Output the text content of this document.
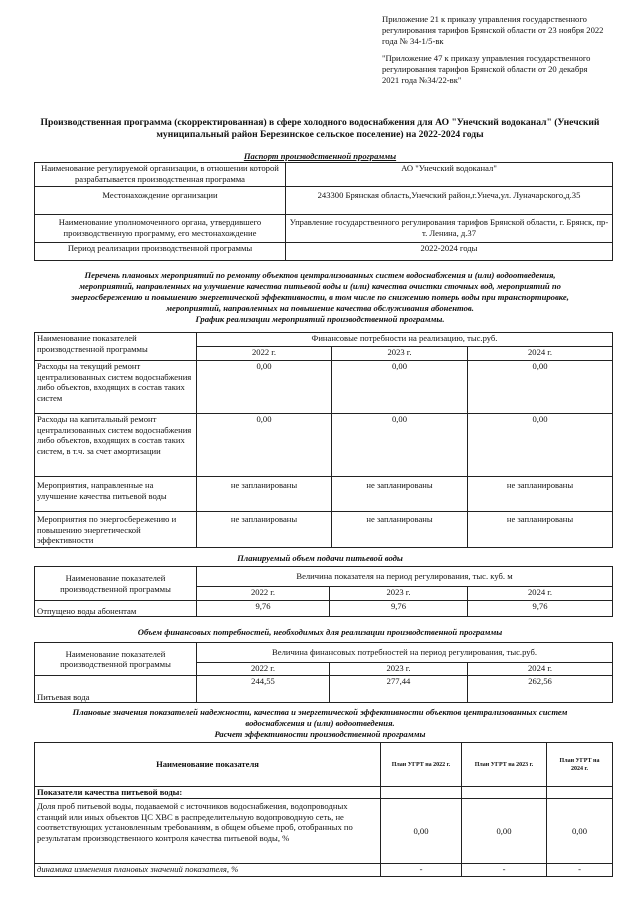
Приложение 21 к приказу управления государственного
регулирования тарифов Брянской области от 23 ноября 2022
года № 34-1/5-вк
"Приложение 47 к приказу управления государственного
регулирования тарифов Брянской области от 20 декабря
2021 года №34/22-вк"
Производственная программа (скорректированная) в сфере холодного водоснабжения для АО "Унечский водоканал" (Унечский
муниципальный район Березинское сельское поселение) на 2022-2024 годы
Паспорт производственной программы
Наименование регулируемой организации, в отношении которой разрабатывается производственная программа	АО "Унечский водоканал"
Местонахождение организации	243300 Брянская область,Унечский район,г.Унеча,ул. Луначарского,д.35
Наименование уполномоченного органа, утвердившего производственную программу, его местонахождение	Управление государственного регулирования тарифов Брянской области, г. Брянск, пр-т. Ленина, д.37
Период реализации производственной программы	2022-2024 годы
Перечень плановых мероприятий по ремонту объектов централизованных систем водоснабжения и (или) водоотведения,
мероприятий, направленных на улучшение качества питьевой воды и (или) качества очистки сточных вод, мероприятий по
энергосбережению и повышению энергетической эффективности, в том числе по снижению потерь воды при транспортировке,
мероприятий, направленных на повышение качества обслуживания абонентов.
График реализации мероприятий производственной программы.
Наименование показателей производственной программы	Финансовые потребности на реализацию, тыс.руб.		
	2022 г.	2023 г.	2024 г.
Расходы на текущий ремонт централизованных систем водоснабжения либо объектов, входящих в состав таких систем	0,00	0,00	0,00
Расходы на капитальный ремонт централизованных систем водоснабжения либо объектов, входящих в состав таких систем, в т.ч. за счет амортизации	0,00	0,00	0,00
Мероприятия, направленные на улучшение качества питьевой воды	не запланированы	не запланированы	не запланированы
Мероприятия по энергосбережению и повышению энергетической эффективности	не запланированы	не запланированы	не запланированы
Планируемый объем подачи питьевой воды
Наименование показателей производственной программы	Величина показателя на период регулирования, тыс. куб. м		
	2022 г.	2023 г.	2024 г.
Отпущено воды абонентам	9,76	9,76	9,76
Объем финансовых потребностей, необходимых для реализации производственной программы
Наименование показателей производственной программы	Величина финансовых потребностей на период регулирования, тыс.руб.		
	2022 г.	2023 г.	2024 г.
Питьевая вода	244,55	277,44	262,56
Плановые значения показателей надежности, качества и энергетической эффективности объектов централизованных систем
водоснабжения и (или) водоотведения.
Расчет эффективности производственной программы
Наименование показателя	План УГРТ на 2022 г.	План УГРТ на 2023 г.	План УГРТ на
2024 г.

Показатели качества питьевой воды:			
Доля проб питьевой воды, подаваемой с источников водоснабжения, водопроводных станций или иных объектов ЦС ХВС в распределительную водопроводную сеть, не соответствующих установленным требованиям, в общем объеме проб, отобранных по результатам производственного контроля качества питьевой воды, %	0,00	0,00	0,00
динамика изменения плановых значений показателя, %	-	-	-
